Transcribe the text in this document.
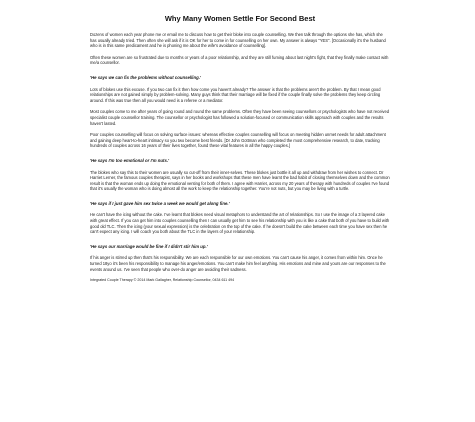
Why Many Women Settle For Second Best

Dozens of women each year phone me or email me to discuss how to get their bloke into couple counselling. We then talk through the options she has, which she has usually already tried. Then often she will ask if it is OK for her to come in for counselling on her own. My answer is always "YES". [Occasionally it's the husband who is in this same predicament and he is phoning me about the wife's avoidance of counselling].

Often these women are so frustrated due to months or years of a poor relationship, and they are still fuming about last night's fight, that they finally make contact with me/a counsellor.

'He says we can fix the problems without counselling.'

Lots of blokes use this excuse. If you two can fix it then how come you haven't already? The answer is that the problems aren't the problem. By that I mean good relationships are not gained simply by problem-solving. Many guys think that their marriage will be fixed if the couple finally solve the problems they keep circling around. If this was true then all you would need is a referee or a mediator.

Most couples come to me after years of going round and round the same problems. Often they have been seeing counsellors or psychologists who have not received specialist couple counsellor training. The counsellor or psychologist has followed a solution-focused or communication skills approach with couples and the results haven't lasted.

Poor couples counselling will focus on solving surface issues: whereas effective couples counselling will focus on meeting hidden unmet needs for adult attachment and gaining deep heart-to-heart intimacy so you two become best friends. [Dr John Gottman who completed the most comprehensive research, to date, tracking hundreds of couples across 16 years of their lives together, found these vital features in all the happy couples.]

'He says I'm too emotional or I'm nuts.'

The blokes who say this to their women are usually so cut-off from their inner-selves. These blokes just bottle it all up and withdraw from her wishes to connect. Dr Harriet Lerner, the famous couples therapist, says in her books and workshops that these men have learnt the bad habit of closing themselves down and the common result is that the woman ends up doing the emotional venting for both of them. I agree with Harriet, across my 20 years of therapy with hundreds of couples I've found that it's usually the woman who is doing almost all the work to keep the relationship together. You're not nuts, but you may be living with a turtle.

'He says if I just gave him sex twice a week we would get along fine.'

He can't have the icing without the cake. I've learnt that blokes need visual metaphors to understand the art of relationships. So I use the image of a 3 layered cake with great effect. If you can get him into couples counselling then I can usually get him to see his relationship with you is like a cake that both of you have to build with good old TLC. Then the icing (your sexual expression) is the celebration on the top of the cake. If he doesn't build the cake between each time you have sex then he can't expect any icing. I will coach you both about the TLC in the layers of your relationship.

'He says our marriage would be fine if I didn't stir him up.'

If his anger is stirred up then that's his responsibility. We are each responsible for our own emotions. You can't cause his anger, it comes from within him. Once he turned 18yo it's been his responsibility to manage his anger/emotions. You can't make him feel anything. His emotions and mine and yours are our responses to the events around us. I've seen that people who over-do anger are avoiding their sadness.

Integrated Couple Therapy © 2014 Mark Gallagher, Relationship Counsellor, 0434 611 494
